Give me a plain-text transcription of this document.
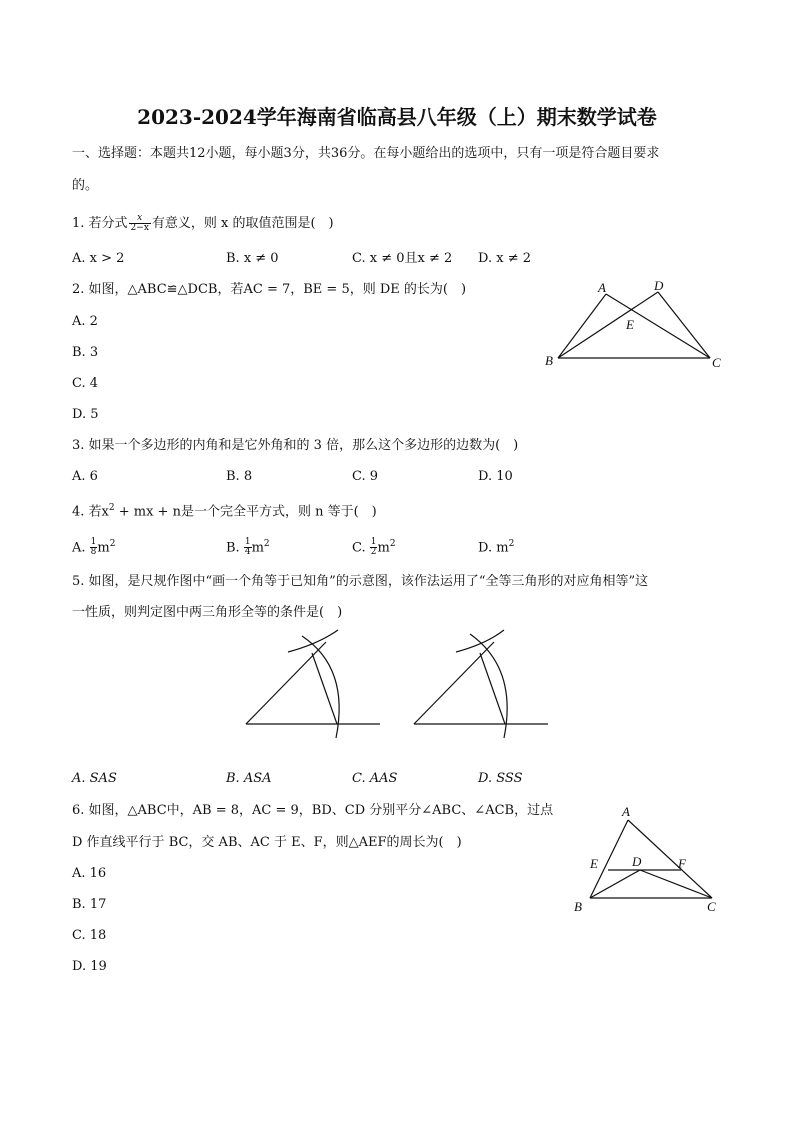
2023-2024学年海南省临高县八年级（上）期末数学试卷
一、选择题：本题共12小题，每小题3分，共36分。在每小题给出的选项中，只有一项是符合题目要求
的。
1. 若分式 $\frac{x}{2-x}$ 有意义，则 x 的取值范围是(　)
A. x > 2	B. x ≠ 0	C. x ≠ 0且x ≠ 2 D. x ≠ 2
2. 如图，△ABC≌△DCB，若AC = 7，BE = 5，则 DE 的长为(　)
A. 2
B. 3
C. 4
D. 5
A	D
E
B	C
3. 如果一个多边形的内角和是它外角和的 3 倍，那么这个多边形的边数为(　)
A. 6	B. 8	C. 9	D. 10
4. 若$x^2$ + mx + n是一个完全平方式，则 n 等于(　)
A. $\frac{1}{8} m^2$	B. $\frac{1}{4} m^2$	C. $\frac{1}{2} m^2$	D. $m^2$
5. 如图，是尺规作图中“画一个角等于已知角”的示意图，该作法运用了“全等三角形的对应角相等”这
一性质，则判定图中两三角形全等的条件是(　)
A. SAS	B. ASA	C. AAS	D. SSS
6. 如图，△ABC中，AB = 8，AC = 9，BD、CD 分别平分∠ABC、∠ACB，过点
D 作直线平行于 BC，交 AB、AC 于 E、F，则△AEF的周长为(　)
A. 16
B. 17
C. 18
D. 19
A
E	D	F
B	C
